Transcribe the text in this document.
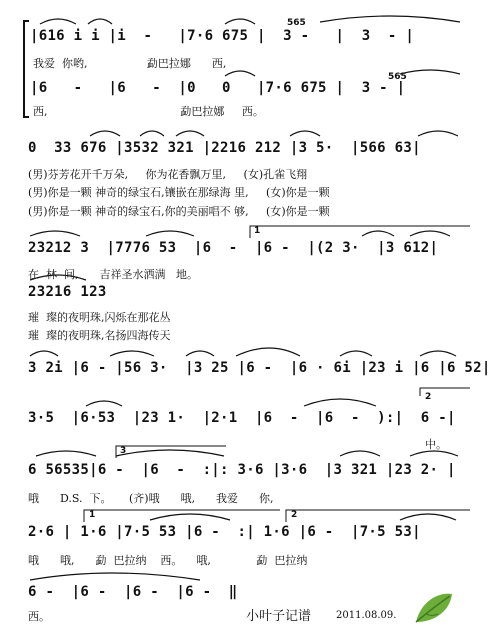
|616 i i |i  -   |7·6 675 |  3 -   |  3  - |
我爱  你哟,                 勐巴拉娜      西,
|6   -   |6   -  |0   0   |7·6 675 |  3 - |
西,                                      勐巴拉娜     西。
0  33 676 |3532 321 |2216 212 |3 5·  |566 63|
(男)芬芳花开千万朵,     你为花香飘万里,     (女)孔雀飞翔
(男)你是一颗 神奇的绿宝石,镶嵌在那绿海 里,     (女)你是一颗
(男)你是一颗 神奇的绿宝石,你的美丽唱不 够,     (女)你是一颗
23212 3  |7776 53  |6  -  |6 -  |(2 3·  |3 612|
在  林  间,      吉祥圣水洒满   地。
23216 123
璀  璨的夜明珠,闪烁在那花丛
璀  璨的夜明珠,名扬四海传天
3 2i |6 - |56 3·  |3 25 |6 -  |6 · 6i |23 i |6 |6 52|
3·5  |6·53  |23 1·  |2·1  |6  -  |6  -  ):|  6 -|
中。
6 56535|6 -  |6  -  :|: 3·6 |3·6  |3 321 |23 2· |
哦      D.S.  下。     (齐)哦      哦,      我爱      你,
2·6 | 1·6 |7·5 53 |6 -  :| 1·6 |6 -  |7·5 53|
哦      哦,      勐  巴拉纳    西。    哦,             勐  巴拉纳
6 -  |6 -  |6 -  |6 -  ‖
西。
565
565
1
2
3
1	2
小叶子记谱 2011.08.09.
